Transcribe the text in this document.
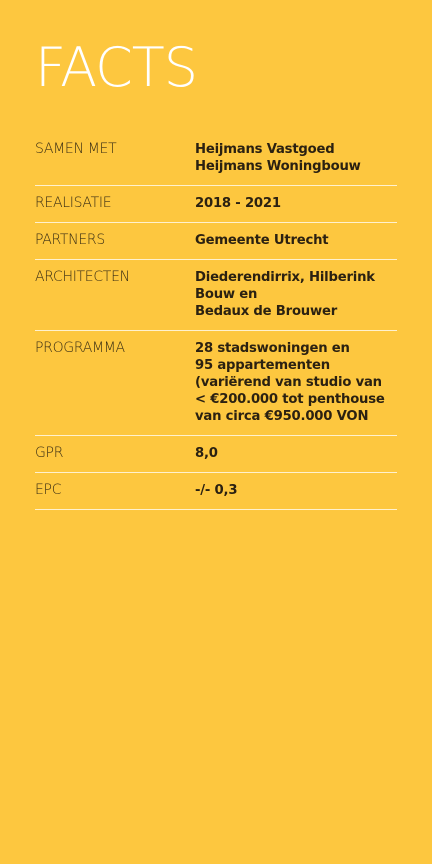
FACTS
SAMEN MET	Heijmans Vastgoed
Heijmans Woningbouw
REALISATIE	2018 - 2021
PARTNERS	Gemeente Utrecht
ARCHITECTEN	Diederendirrix, Hilberink
Bouw en
Bedaux de Brouwer
PROGRAMMA	28 stadswoningen en
95 appartementen
(variërend van studio van
< €200.000 tot penthouse
van circa €950.000 VON
GPR	8,0
EPC	-/- 0,3
